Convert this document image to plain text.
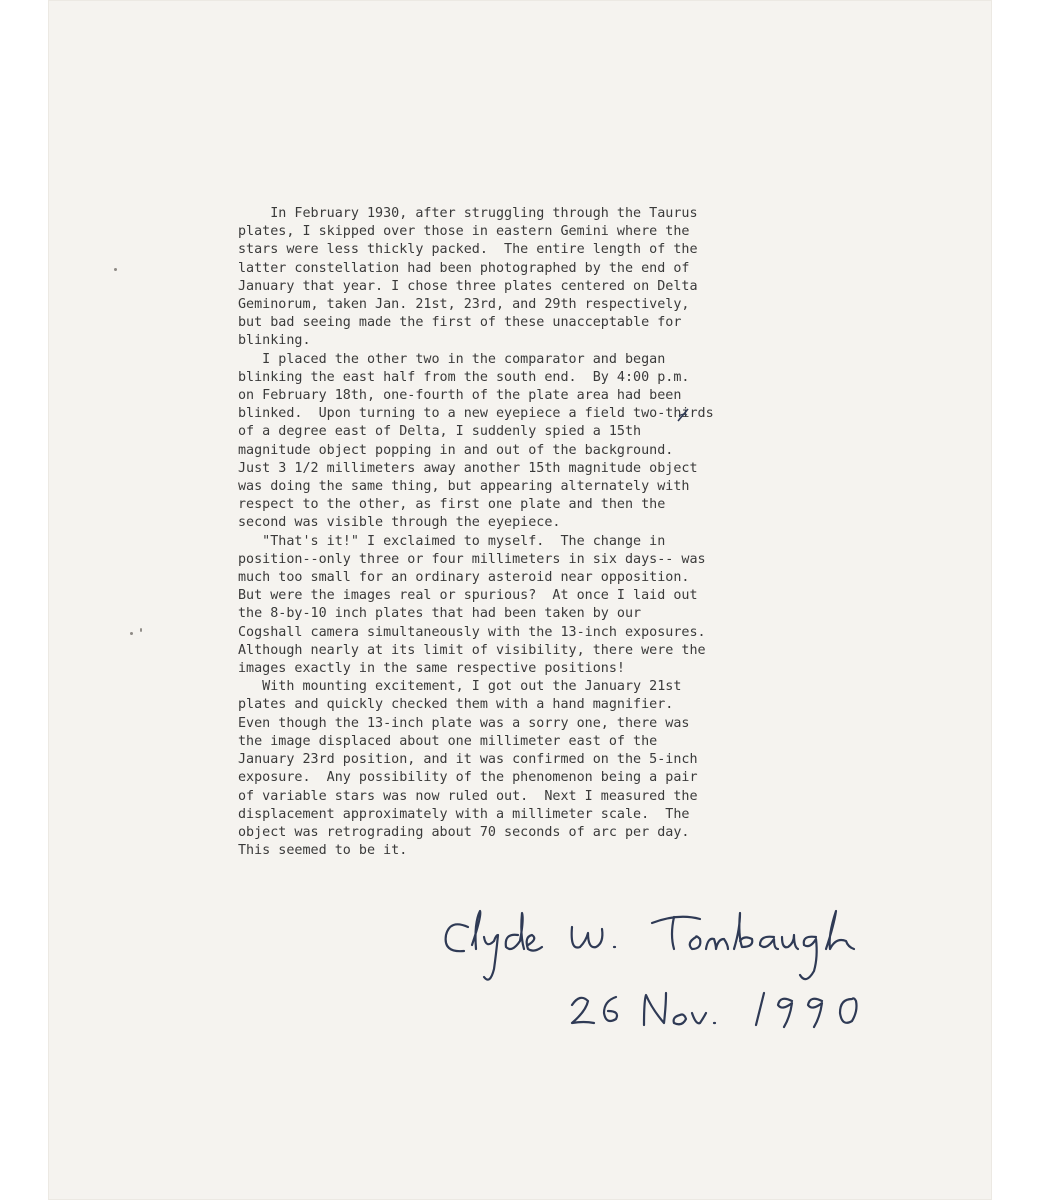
In February 1930, after struggling through the Taurus
plates, I skipped over those in eastern Gemini where the
stars were less thickly packed.  The entire length of the
latter constellation had been photographed by the end of
January that year. I chose three plates centered on Delta
Geminorum, taken Jan. 21st, 23rd, and 29th respectively,
but bad seeing made the first of these unacceptable for
blinking.
I placed the other two in the comparator and began
blinking the east half from the south end.  By 4:00 p.m.
on February 18th, one-fourth of the plate area had been
blinked.  Upon turning to a new eyepiece a field two-thirds
of a degree east of Delta, I suddenly spied a 15th
magnitude object popping in and out of the background.
Just 3 1/2 millimeters away another 15th magnitude object
was doing the same thing, but appearing alternately with
respect to the other, as first one plate and then the
second was visible through the eyepiece.
"That's it!" I exclaimed to myself.  The change in
position--only three or four millimeters in six days-- was
much too small for an ordinary asteroid near opposition.
But were the images real or spurious?  At once I laid out
the 8-by-10 inch plates that had been taken by our
Cogshall camera simultaneously with the 13-inch exposures.
Although nearly at its limit of visibility, there were the
images exactly in the same respective positions!
With mounting excitement, I got out the January 21st
plates and quickly checked them with a hand magnifier.
Even though the 13-inch plate was a sorry one, there was
the image displaced about one millimeter east of the
January 23rd position, and it was confirmed on the 5-inch
exposure.  Any possibility of the phenomenon being a pair
of variable stars was now ruled out.  Next I measured the
displacement approximately with a millimeter scale.  The
object was retrograding about 70 seconds of arc per day.
This seemed to be it.
